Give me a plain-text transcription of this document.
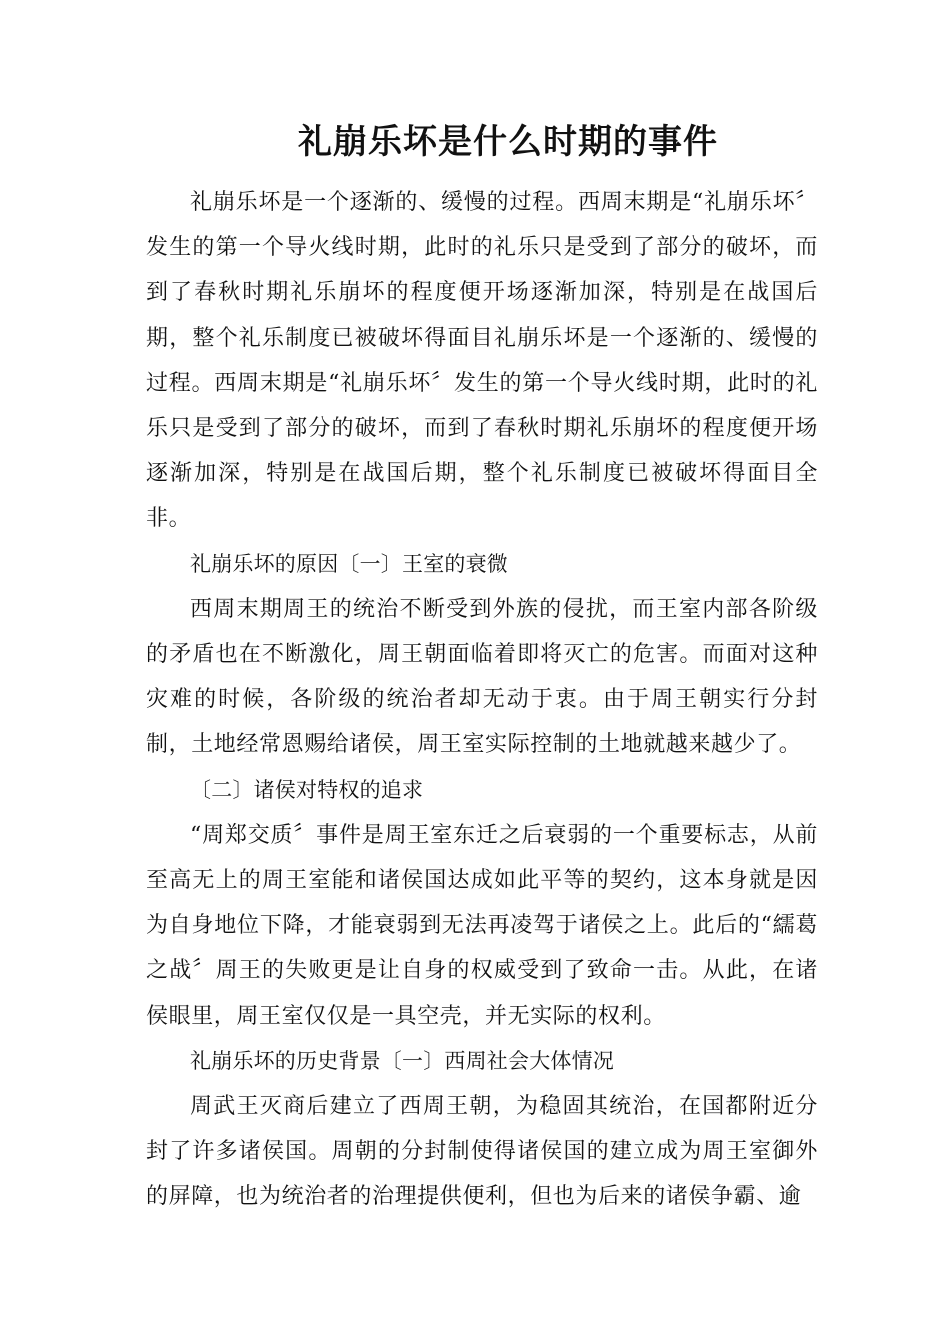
礼崩乐坏是什么时期的事件

礼崩乐坏是一个逐渐的、缓慢的过程。西周末期是“礼崩乐坏〞发生的第一个导火线时期，此时的礼乐只是受到了部分的破坏，而到了春秋时期礼乐崩坏的程度便开场逐渐加深，特别是在战国后期，整个礼乐制度已被破坏得面目礼崩乐坏是一个逐渐的、缓慢的过程。西周末期是“礼崩乐坏〞发生的第一个导火线时期，此时的礼乐只是受到了部分的破坏，而到了春秋时期礼乐崩坏的程度便开场逐渐加深，特别是在战国后期，整个礼乐制度已被破坏得面目全非。

礼崩乐坏的原因〔一〕王室的衰微

西周末期周王的统治不断受到外族的侵扰，而王室内部各阶级的矛盾也在不断激化，周王朝面临着即将灭亡的危害。而面对这种灾难的时候，各阶级的统治者却无动于衷。由于周王朝实行分封制，土地经常恩赐给诸侯，周王室实际控制的土地就越来越少了。

〔二〕诸侯对特权的追求

“周郑交质〞事件是周王室东迁之后衰弱的一个重要标志，从前至高无上的周王室能和诸侯国达成如此平等的契约，这本身就是因为自身地位下降，才能衰弱到无法再凌驾于诸侯之上。此后的“繻葛之战〞周王的失败更是让自身的权威受到了致命一击。从此，在诸侯眼里，周王室仅仅是一具空壳，并无实际的权利。

礼崩乐坏的历史背景〔一〕西周社会大体情况

周武王灭商后建立了西周王朝，为稳固其统治，在国都附近分封了许多诸侯国。周朝的分封制使得诸侯国的建立成为周王室御外的屏障，也为统治者的治理提供便利，但也为后来的诸侯争霸、逾
